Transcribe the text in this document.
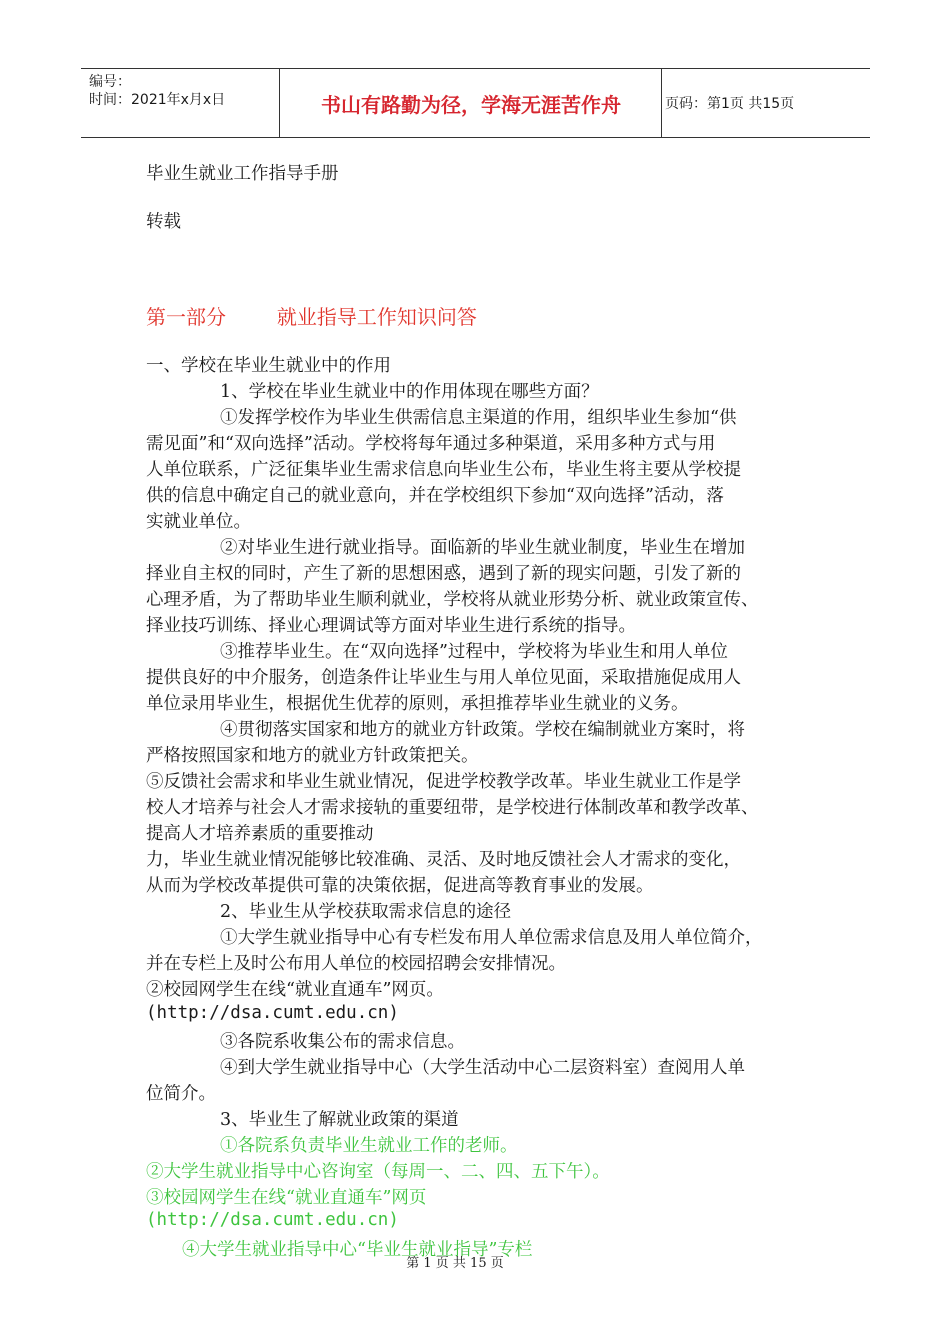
编号：
时间：2021年x月x日	书山有路勤为径，学海无涯苦作舟	页码：第1页 共15页
毕业生就业工作指导手册
转载
第一部分        就业指导工作知识问答

一、学校在毕业生就业中的作用

1、学校在毕业生就业中的作用体现在哪些方面？

①发挥学校作为毕业生供需信息主渠道的作用，组织毕业生参加“供

需见面”和“双向选择”活动。学校将每年通过多种渠道，采用多种方式与用

人单位联系，广泛征集毕业生需求信息向毕业生公布，毕业生将主要从学校提

供的信息中确定自己的就业意向，并在学校组织下参加“双向选择”活动，落

实就业单位。

②对毕业生进行就业指导。面临新的毕业生就业制度，毕业生在增加

择业自主权的同时，产生了新的思想困惑，遇到了新的现实问题，引发了新的

心理矛盾，为了帮助毕业生顺利就业，学校将从就业形势分析、就业政策宣传、

择业技巧训练、择业心理调试等方面对毕业生进行系统的指导。

③推荐毕业生。在“双向选择”过程中，学校将为毕业生和用人单位

提供良好的中介服务，创造条件让毕业生与用人单位见面，采取措施促成用人

单位录用毕业生，根据优生优荐的原则，承担推荐毕业生就业的义务。

④贯彻落实国家和地方的就业方针政策。学校在编制就业方案时，将

严格按照国家和地方的就业方针政策把关。

⑤反馈社会需求和毕业生就业情况，促进学校教学改革。毕业生就业工作是学

校人才培养与社会人才需求接轨的重要纽带，是学校进行体制改革和教学改革、

提高人才培养素质的重要推动

力，毕业生就业情况能够比较准确、灵活、及时地反馈社会人才需求的变化，

从而为学校改革提供可靠的决策依据，促进高等教育事业的发展。

2、毕业生从学校获取需求信息的途径

①大学生就业指导中心有专栏发布用人单位需求信息及用人单位简介，

并在专栏上及时公布用人单位的校园招聘会安排情况。

②校园网学生在线“就业直通车”网页。

(http://dsa.cumt.edu.cn)

③各院系收集公布的需求信息。

④到大学生就业指导中心（大学生活动中心二层资料室）查阅用人单

位简介。

3、毕业生了解就业政策的渠道

①各院系负责毕业生就业工作的老师。

②大学生就业指导中心咨询室（每周一、二、四、五下午）。

③校园网学生在线“就业直通车”网页

(http://dsa.cumt.edu.cn)

④大学生就业指导中心“毕业生就业指导”专栏

第 1 页 共 15 页
